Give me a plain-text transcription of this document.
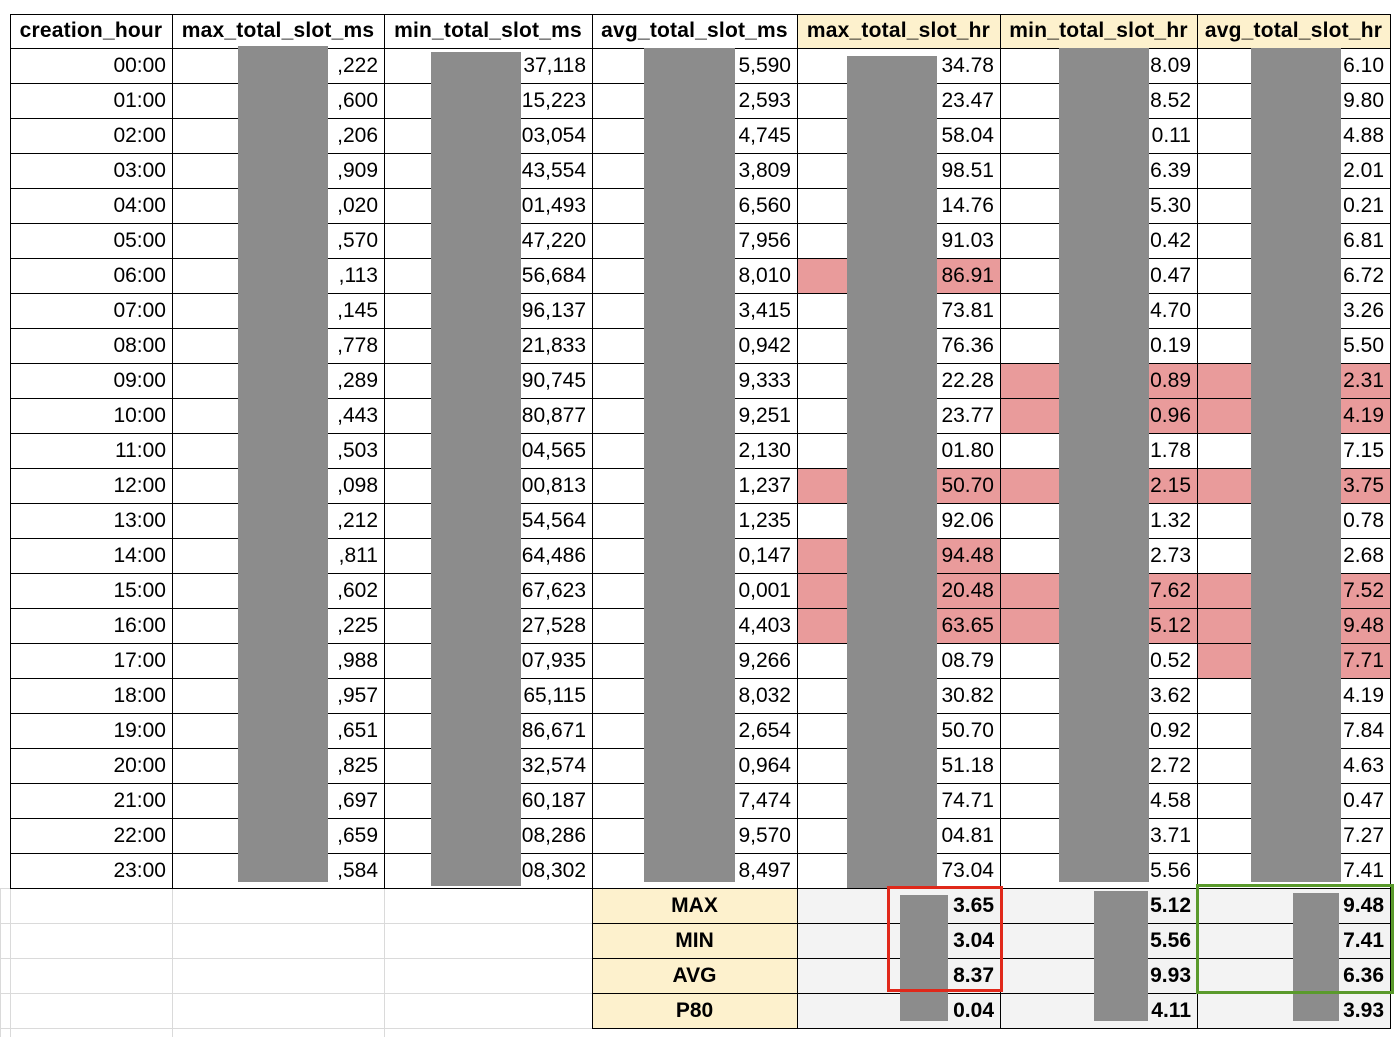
creation_hour max_total_slot_ms min_total_slot_ms avg_total_slot_ms max_total_slot_hr min_total_slot_hr avg_total_slot_hr
00:00	,222	37,118	5,590	34.78	8.09	6.10
01:00	,600	15,223	2,593	23.47	8.52	9.80
02:00	,206	03,054	4,745	58.04	0.11	4.88
03:00	,909	43,554	3,809	98.51	6.39	2.01
04:00	,020	01,493	6,560	14.76	5.30	0.21
05:00	,570	47,220	7,956	91.03	0.42	6.81
06:00	,113	56,684	8,010	86.91	0.47	6.72
07:00	,145	96,137	3,415	73.81	4.70	3.26
08:00	,778	21,833	0,942	76.36	0.19	5.50
09:00	,289	90,745	9,333	22.28	0.89	2.31
10:00	,443	80,877	9,251	23.77	0.96	4.19
11:00	,503	04,565	2,130	01.80	1.78	7.15
12:00	,098	00,813	1,237	50.70	2.15	3.75
13:00	,212	54,564	1,235	92.06	1.32	0.78
14:00	,811	64,486	0,147	94.48	2.73	2.68
15:00	,602	67,623	0,001	20.48	7.62	7.52
16:00	,225	27,528	4,403	63.65	5.12	9.48
17:00	,988	07,935	9,266	08.79	0.52	7.71
18:00	,957	65,115	8,032	30.82	3.62	4.19
19:00	,651	86,671	2,654	50.70	0.92	7.84
20:00	,825	32,574	0,964	51.18	2.72	4.63
21:00	,697	60,187	7,474	74.71	4.58	0.47
22:00	,659	08,286	9,570	04.81	3.71	7.27
23:00	,584	08,302	8,497	73.04	5.56	7.41
MAX	3.65	5.12	9.48
MIN	3.04	5.56	7.41
AVG	8.37	9.93	6.36
P80	0.04	4.11	3.93
